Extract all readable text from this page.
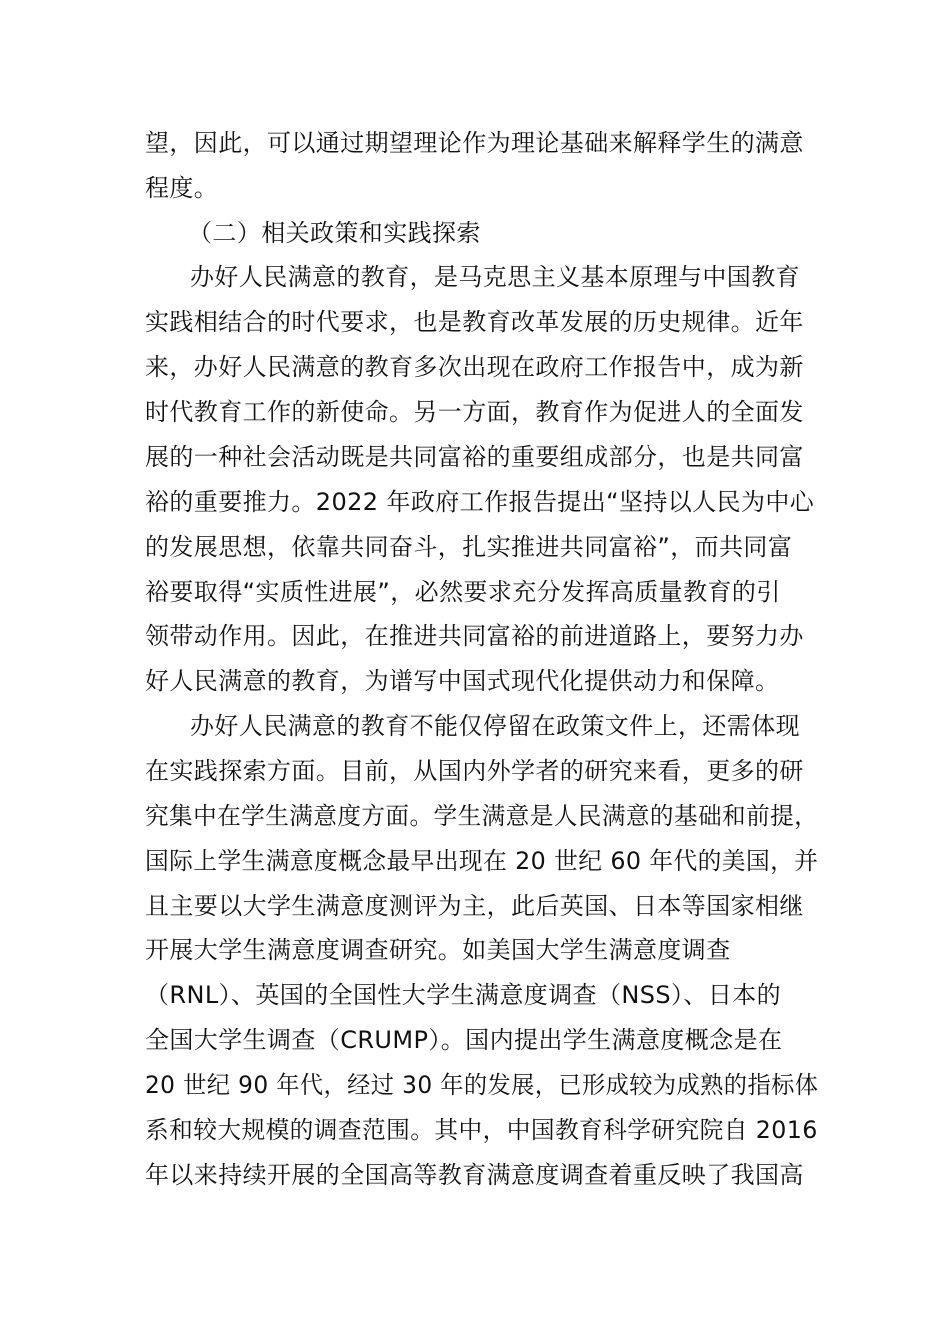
望，因此，可以通过期望理论作为理论基础来解释学生的满意
程度。
（二）相关政策和实践探索
办好人民满意的教育，是马克思主义基本原理与中国教育
实践相结合的时代要求，也是教育改革发展的历史规律。近年
来，办好人民满意的教育多次出现在政府工作报告中，成为新
时代教育工作的新使命。另一方面，教育作为促进人的全面发
展的一种社会活动既是共同富裕的重要组成部分，也是共同富
裕的重要推力。2022 年政府工作报告提出“坚持以人民为中心
的发展思想，依靠共同奋斗，扎实推进共同富裕”，而共同富
裕要取得“实质性进展”，必然要求充分发挥高质量教育的引
领带动作用。因此，在推进共同富裕的前进道路上，要努力办
好人民满意的教育，为谱写中国式现代化提供动力和保障。
办好人民满意的教育不能仅停留在政策文件上，还需体现
在实践探索方面。目前，从国内外学者的研究来看，更多的研
究集中在学生满意度方面。学生满意是人民满意的基础和前提，
国际上学生满意度概念最早出现在 20 世纪 60 年代的美国，并
且主要以大学生满意度测评为主，此后英国、日本等国家相继
开展大学生满意度调查研究。如美国大学生满意度调查
（RNL）、英国的全国性大学生满意度调查（NSS）、日本的
全国大学生调查（CRUMP）。国内提出学生满意度概念是在
20 世纪 90 年代，经过 30 年的发展，已形成较为成熟的指标体
系和较大规模的调查范围。其中，中国教育科学研究院自 2016
年以来持续开展的全国高等教育满意度调查着重反映了我国高
